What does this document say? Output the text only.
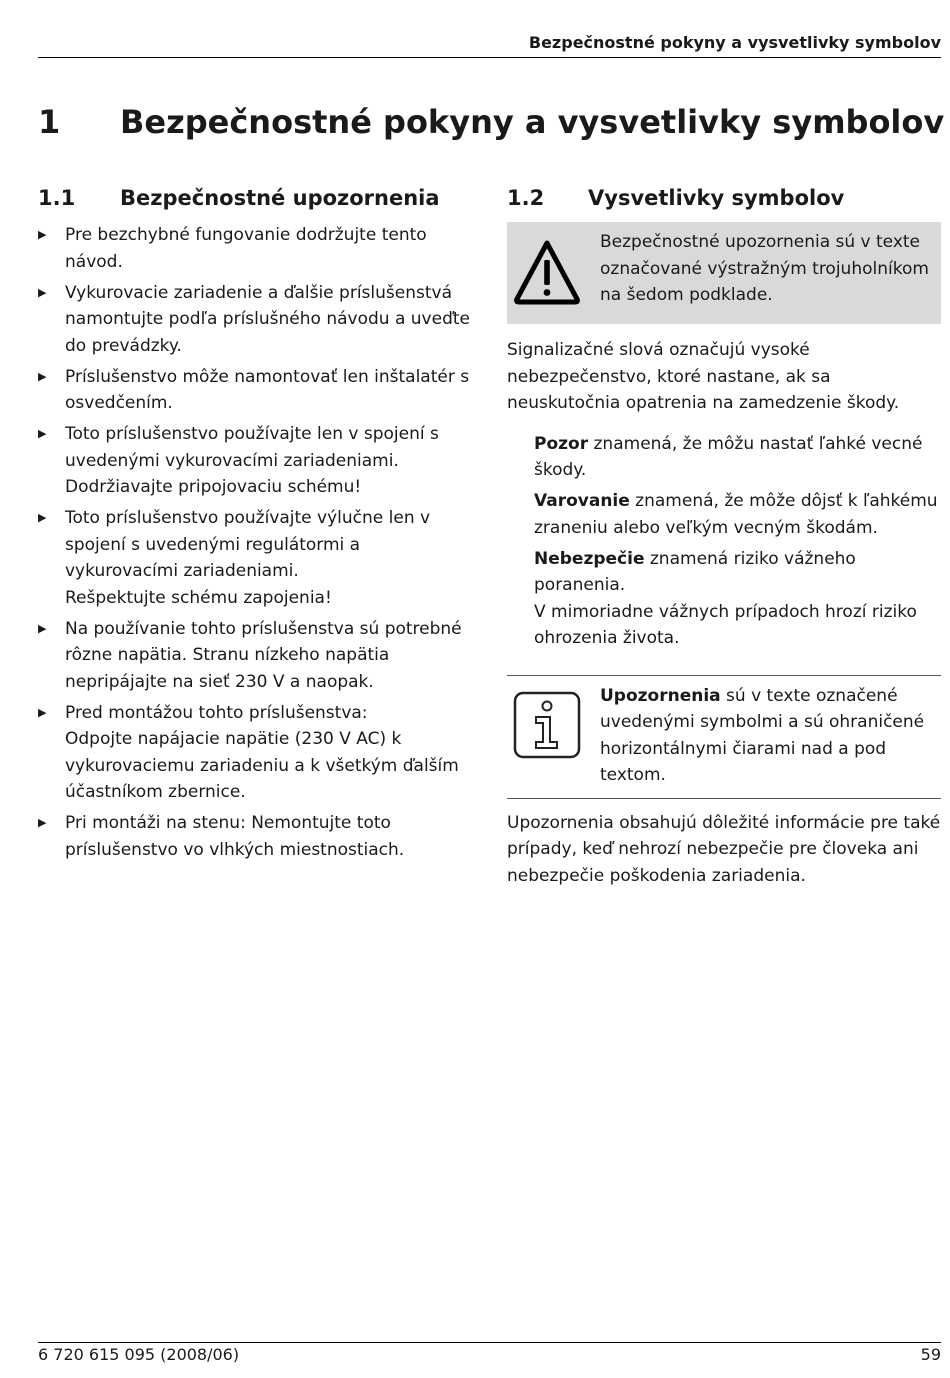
Bezpečnostné pokyny a vysvetlivky symbolov
1	Bezpečnostné pokyny a vysvetlivky symbolov
1.1 Bezpečnostné upozornenia
▶ Pre bezchybné fungovanie dodržujte tento návod.
▶ Vykurovacie zariadenie a ďalšie príslušenstvá namontujte podľa príslušného návodu a uveďte do prevádzky.
▶ Príslušenstvo môže namontovať len inštalatér s osvedčením.
▶ Toto príslušenstvo používajte len v spojení s uvedenými vykurovacími zariadeniami. Dodržiavajte pripojovaciu schému!
▶ Toto príslušenstvo používajte výlučne len v spojení s uvedenými regulátormi a vykurovacími zariadeniami.
Rešpektujte schému zapojenia!
▶ Na používanie tohto príslušenstva sú potrebné rôzne napätia. Stranu nízkeho napätia nepripájajte na sieť 230 V a naopak.
▶ Pred montážou tohto príslušenstva:
Odpojte napájacie napätie (230 V AC) k vykurovaciemu zariadeniu a k všetkým ďalším účastníkom zbernice.
▶ Pri montáži na stenu: Nemontujte toto príslušenstvo vo vlhkých miestnostiach.
1.2 Vysvetlivky symbolov
Bezpečnostné upozornenia sú v texte označované výstražným trojuholníkom na šedom podklade.
Signalizačné slová označujú vysoké nebezpečenstvo, ktoré nastane, ak sa neuskutočnia opatrenia na zamedzenie škody.
Pozor znamená, že môžu nastať ľahké vecné škody.
Varovanie znamená, že môže dôjsť k ľahkému zraneniu alebo veľkým vecným škodám.
Nebezpečie znamená riziko vážneho poranenia.
V mimoriadne vážnych prípadoch hrozí riziko ohrozenia života.
Upozornenia sú v texte označené uvedenými symbolmi a sú ohraničené horizontálnymi čiarami nad a pod textom.
Upozornenia obsahujú dôležité informácie pre také prípady, keď nehrozí nebezpečie pre človeka ani nebezpečie poškodenia zariadenia.
6 720 615 095 (2008/06)	59
